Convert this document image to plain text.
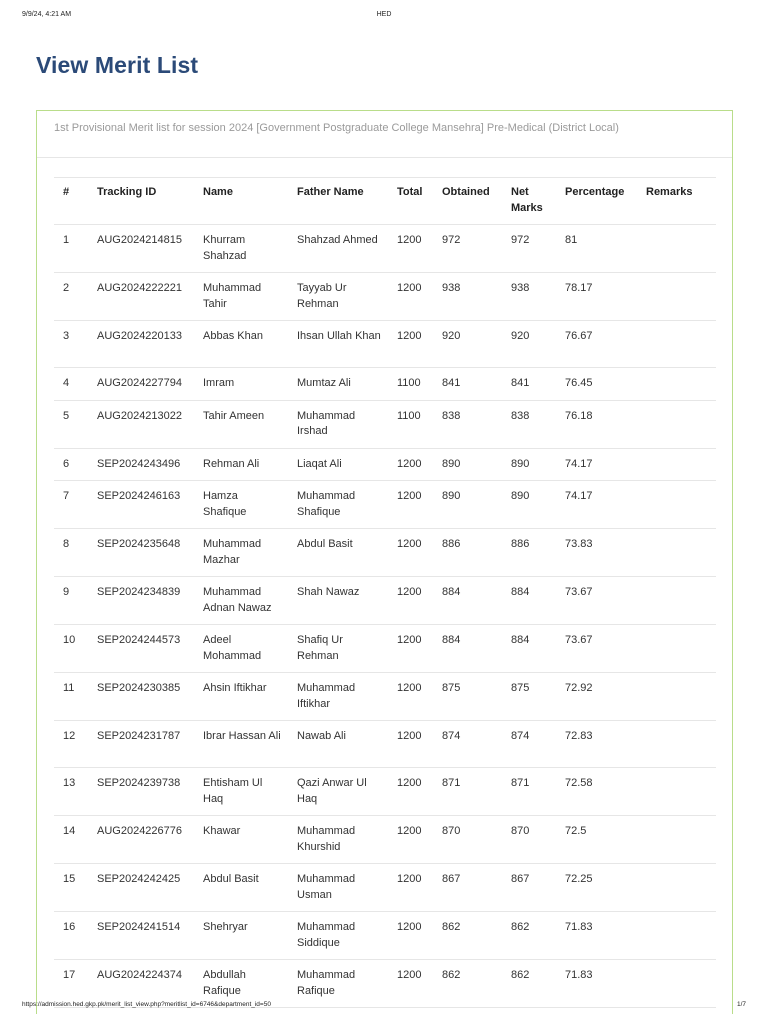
9/9/24, 4:21 AM	HED
View Merit List
1st Provisional Merit list for session 2024 [Government Postgraduate College Mansehra] Pre-Medical (District Local)
#	Tracking ID	Name	Father Name	Total	Obtained	Net Marks	Percentage	Remarks
1	AUG2024214815	Khurram Shahzad	Shahzad Ahmed	1200	972	972	81	
2	AUG2024222221	Muhammad Tahir	Tayyab Ur Rehman	1200	938	938	78.17	
3	AUG2024220133	Abbas Khan	Ihsan Ullah Khan	1200	920	920	76.67	
4	AUG2024227794	Imram	Mumtaz Ali	1100	841	841	76.45	
5	AUG2024213022	Tahir Ameen	Muhammad Irshad	1100	838	838	76.18	
6	SEP2024243496	Rehman Ali	Liaqat Ali	1200	890	890	74.17	
7	SEP2024246163	Hamza Shafique	Muhammad Shafique	1200	890	890	74.17	
8	SEP2024235648	Muhammad Mazhar	Abdul Basit	1200	886	886	73.83	
9	SEP2024234839	Muhammad Adnan Nawaz	Shah Nawaz	1200	884	884	73.67	
10	SEP2024244573	Adeel Mohammad	Shafiq Ur Rehman	1200	884	884	73.67	
11	SEP2024230385	Ahsin Iftikhar	Muhammad Iftikhar	1200	875	875	72.92	
12	SEP2024231787	Ibrar Hassan Ali	Nawab Ali	1200	874	874	72.83	
13	SEP2024239738	Ehtisham Ul Haq	Qazi Anwar Ul Haq	1200	871	871	72.58	
14	AUG2024226776	Khawar	Muhammad Khurshid	1200	870	870	72.5	
15	SEP2024242425	Abdul Basit	Muhammad Usman	1200	867	867	72.25	
16	SEP2024241514	Shehryar	Muhammad Siddique	1200	862	862	71.83	
17	AUG2024224374	Abdullah Rafique	Muhammad Rafique	1200	862	862	71.83	
https://admission.hed.gkp.pk/merit_list_view.php?meritlist_id=6746&department_id=50	1/7
